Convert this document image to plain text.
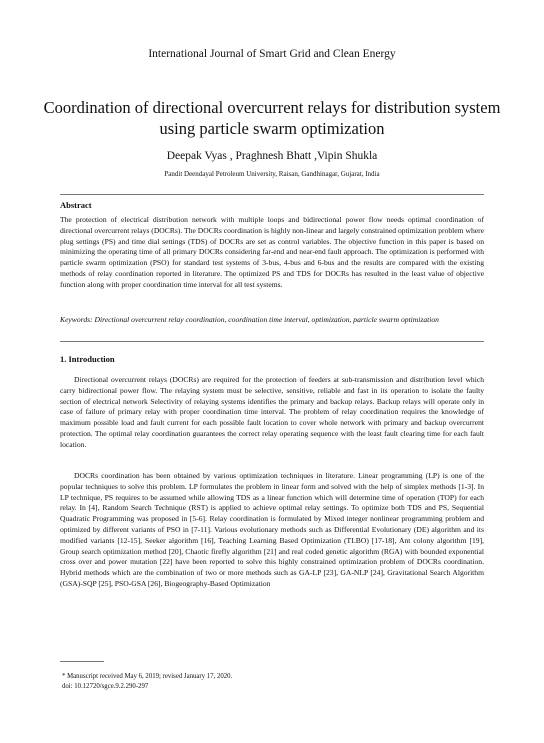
International Journal of Smart Grid and Clean Energy
Coordination of directional overcurrent relays for distribution system using particle swarm optimization
Deepak Vyas , Praghnesh Bhatt ,Vipin Shukla
Pandit Deendayal Petroleum University, Raisan, Gandhinagar, Gujarat, India
Abstract

The protection of electrical distribution network with multiple loops and bidirectional power flow needs optimal coordination of directional overcurrent relays (DOCRs). The DOCRs coordination is highly non-linear and largely constrained optimization problem where plug settings (PS) and time dial settings (TDS) of DOCRs are set as control variables. The objective function in this paper is based on minimizing the operating time of all primary DOCRs considering far-end and near-end fault approach. The optimization is performed with particle swarm optimization (PSO) for standard test systems of 3-bus, 4-bus and 6-bus and the results are compared with the existing methods of relay coordination reported in literature. The optimized PS and TDS for DOCRs has resulted in the least value of objective function along with proper coordination time interval for all test systems.

Keywords: Directional overcurrent relay coordination, coordination time interval, optimization, particle swarm optimization

1. Introduction

Directional overcurrent relays (DOCRs) are required for the protection of feeders at sub-transmission and distribution level which carry bidirectional power flow. The relaying system must be selective, sensitive, reliable and fast in its operation to isolate the faulty section of electrical network Selectivity of relaying systems identifies the primary and backup relays. Backup relays will operate only in case of failure of primary relay with proper coordination time interval. The problem of relay coordination requires the knowledge of maximum possible load and fault current for each possible fault location to cover whole network with primary and backup overcurrent protection. The optimal relay coordination guarantees the correct relay operating sequence with the least fault clearing time for each fault location.

DOCRs coordination has been obtained by various optimization techniques in literature. Linear programming (LP) is one of the popular techniques to solve this problem. LP formulates the problem in linear form and solved with the help of simplex methods [1-3]. In LP technique, PS requires to be assumed while allowing TDS as a linear function which will determine time of operation (TOP) for each relay. In [4], Random Search Technique (RST) is applied to achieve optimal relay settings. To optimize both TDS and PS, Sequential Quadratic Programming was proposed in [5-6]. Relay coordination is formulated by Mixed integer nonlinear programming problem and optimized by different variants of PSO in [7-11]. Various evolutionary methods such as Differential Evolutionary (DE) algorithm and its modified variants [12-15], Seeker algorithm [16], Teaching Learning Based Optimization (TLBO) [17-18], Ant colony algorithm [19], Group search optimization method [20], Chaotic firefly algorithm [21] and real coded genetic algorithm (RGA) with bounded exponential cross over and power mutation [22] have been reported to solve this highly constrained optimization problem of DOCRs coordination. Hybrid methods which are the combination of two or more methods such as GA-LP [23], GA-NLP [24], Gravitational Search Algorithm (GSA)-SQP [25], PSO-GSA [26], Biogeography-Based Optimization

* Manuscript received May 6, 2019; revised January 17, 2020.
doi: 10.12720/sgce.9.2.290-297
